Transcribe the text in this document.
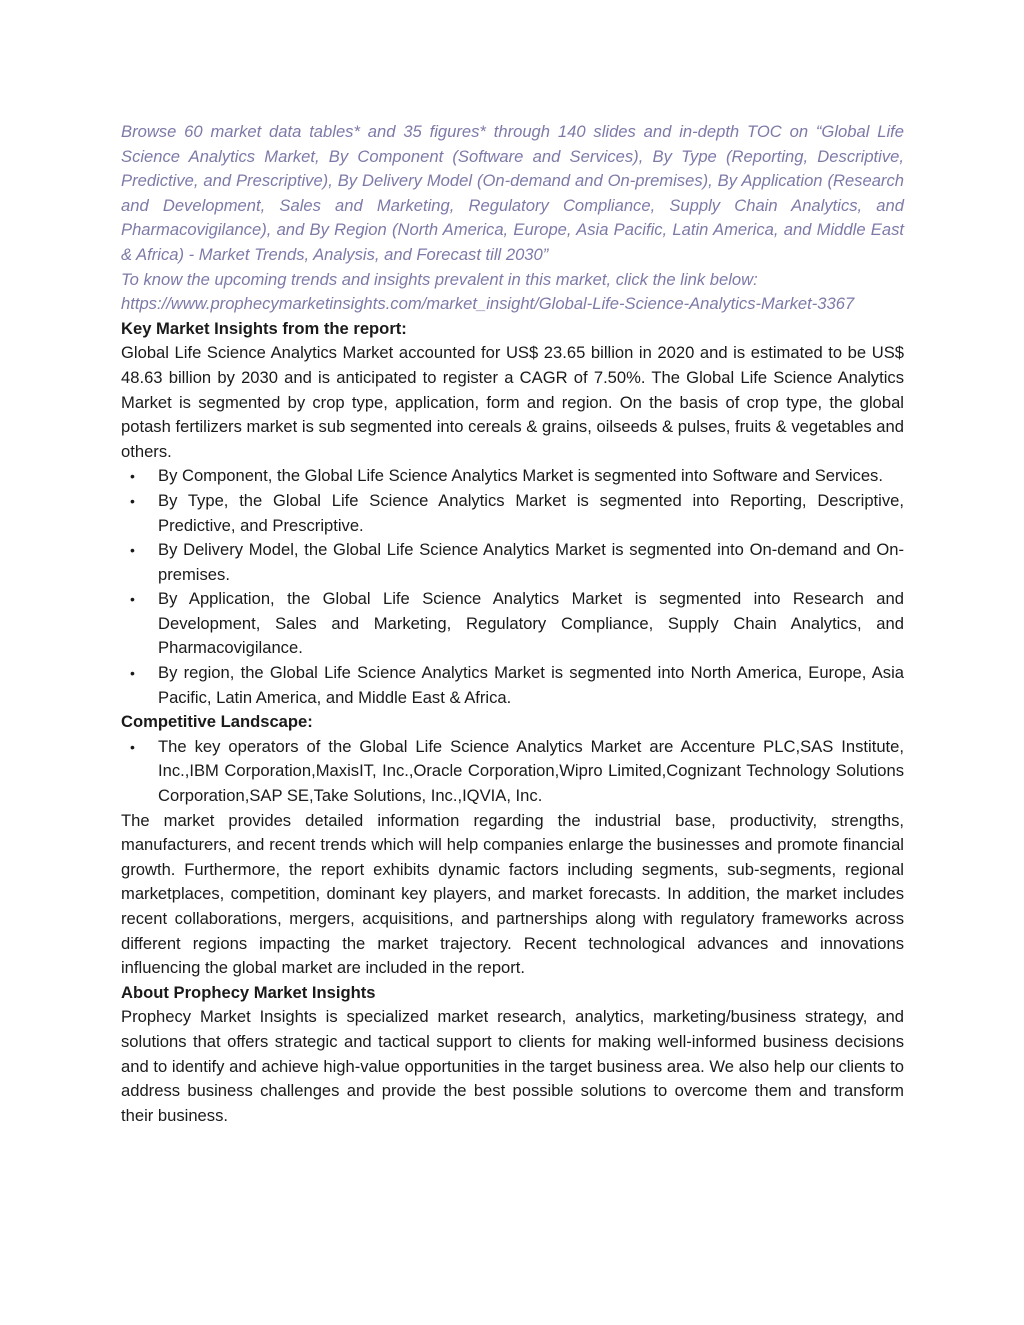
Browse 60 market data tables* and 35 figures* through 140 slides and in-depth TOC on “Global Life Science Analytics Market, By Component (Software and Services), By Type (Reporting, Descriptive, Predictive, and Prescriptive), By Delivery Model (On-demand and On-premises), By Application (Research and Development, Sales and Marketing, Regulatory Compliance, Supply Chain Analytics, and Pharmacovigilance), and By Region (North America, Europe, Asia Pacific, Latin America, and Middle East & Africa) - Market Trends, Analysis, and Forecast till 2030”

To know the upcoming trends and insights prevalent in this market, click the link below:

https://www.prophecymarketinsights.com/market_insight/Global-Life-Science-Analytics-Market-3367

Key Market Insights from the report:

Global Life Science Analytics Market accounted for US$ 23.65 billion in 2020 and is estimated to be US$ 48.63 billion by 2030 and is anticipated to register a CAGR of 7.50%. The Global Life Science Analytics Market is segmented by crop type, application, form and region. On the basis of crop type, the global potash fertilizers market is sub segmented into cereals & grains, oilseeds & pulses, fruits & vegetables and others.

• By Component, the Global Life Science Analytics Market is segmented into Software and Services.
• By Type, the Global Life Science Analytics Market is segmented into Reporting, Descriptive, Predictive, and Prescriptive.
• By Delivery Model, the Global Life Science Analytics Market is segmented into On-demand and On-premises.
• By Application, the Global Life Science Analytics Market is segmented into Research and Development, Sales and Marketing, Regulatory Compliance, Supply Chain Analytics, and Pharmacovigilance.
• By region, the Global Life Science Analytics Market is segmented into North America, Europe, Asia Pacific, Latin America, and Middle East & Africa.

Competitive Landscape:

• The key operators of the Global Life Science Analytics Market are Accenture PLC,SAS Institute, Inc.,IBM Corporation,MaxisIT, Inc.,Oracle Corporation,Wipro Limited,Cognizant Technology Solutions Corporation,SAP SE,Take Solutions, Inc.,IQVIA, Inc.

The market provides detailed information regarding the industrial base, productivity, strengths, manufacturers, and recent trends which will help companies enlarge the businesses and promote financial growth. Furthermore, the report exhibits dynamic factors including segments, sub-segments, regional marketplaces, competition, dominant key players, and market forecasts. In addition, the market includes recent collaborations, mergers, acquisitions, and partnerships along with regulatory frameworks across different regions impacting the market trajectory. Recent technological advances and innovations influencing the global market are included in the report.

About Prophecy Market Insights

Prophecy Market Insights is specialized market research, analytics, marketing/business strategy, and solutions that offers strategic and tactical support to clients for making well-informed business decisions and to identify and achieve high-value opportunities in the target business area. We also help our clients to address business challenges and provide the best possible solutions to overcome them and transform their business.
